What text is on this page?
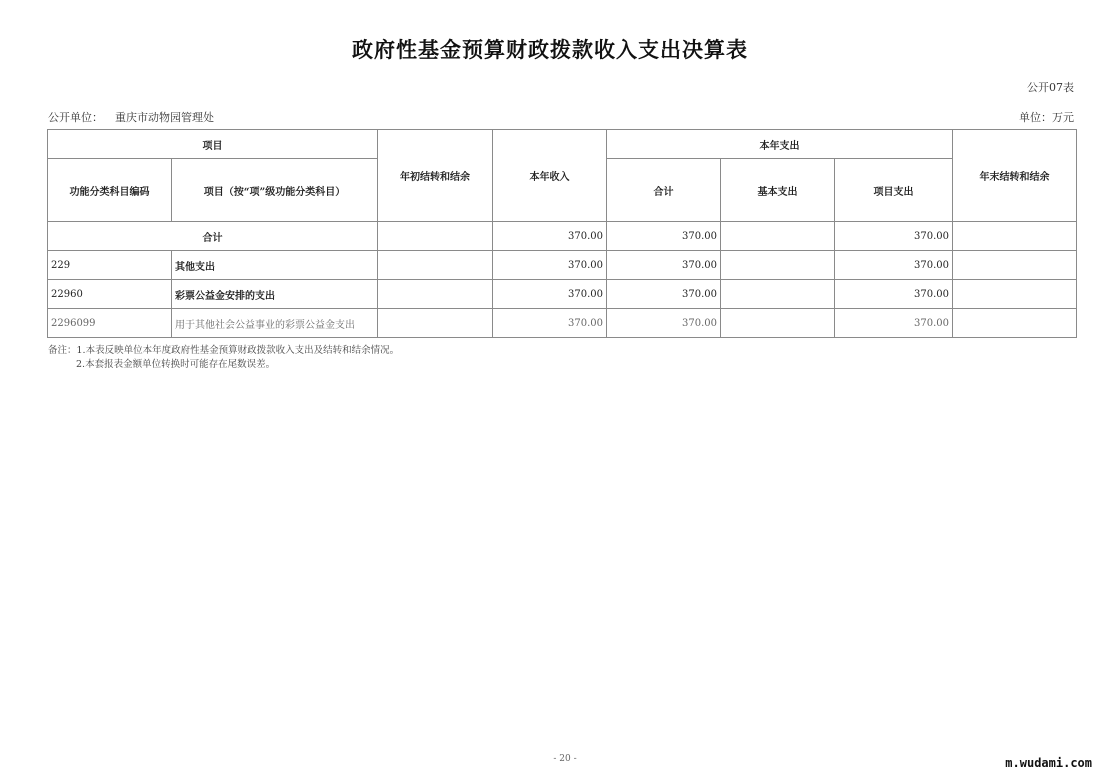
政府性基金预算财政拨款收入支出决算表
公开07表
公开单位： 重庆市动物园管理处	单位：万元
项目		年初结转和结余	本年收入	本年支出			年末结转和结余
功能分类科目编码	项目（按“项”级功能分类科目）			合计	基本支出	项目支出	
合计			370.00	370.00		370.00	
229	其他支出		370.00	370.00		370.00	
22960	彩票公益金安排的支出		370.00	370.00		370.00	
2296099	用于其他社会公益事业的彩票公益金支出		370.00	370.00		370.00	
备注：1.本表反映单位本年度政府性基金预算财政拨款收入支出及结转和结余情况。
2.本套报表金额单位转换时可能存在尾数误差。
- 20 -	m.wudami.com
